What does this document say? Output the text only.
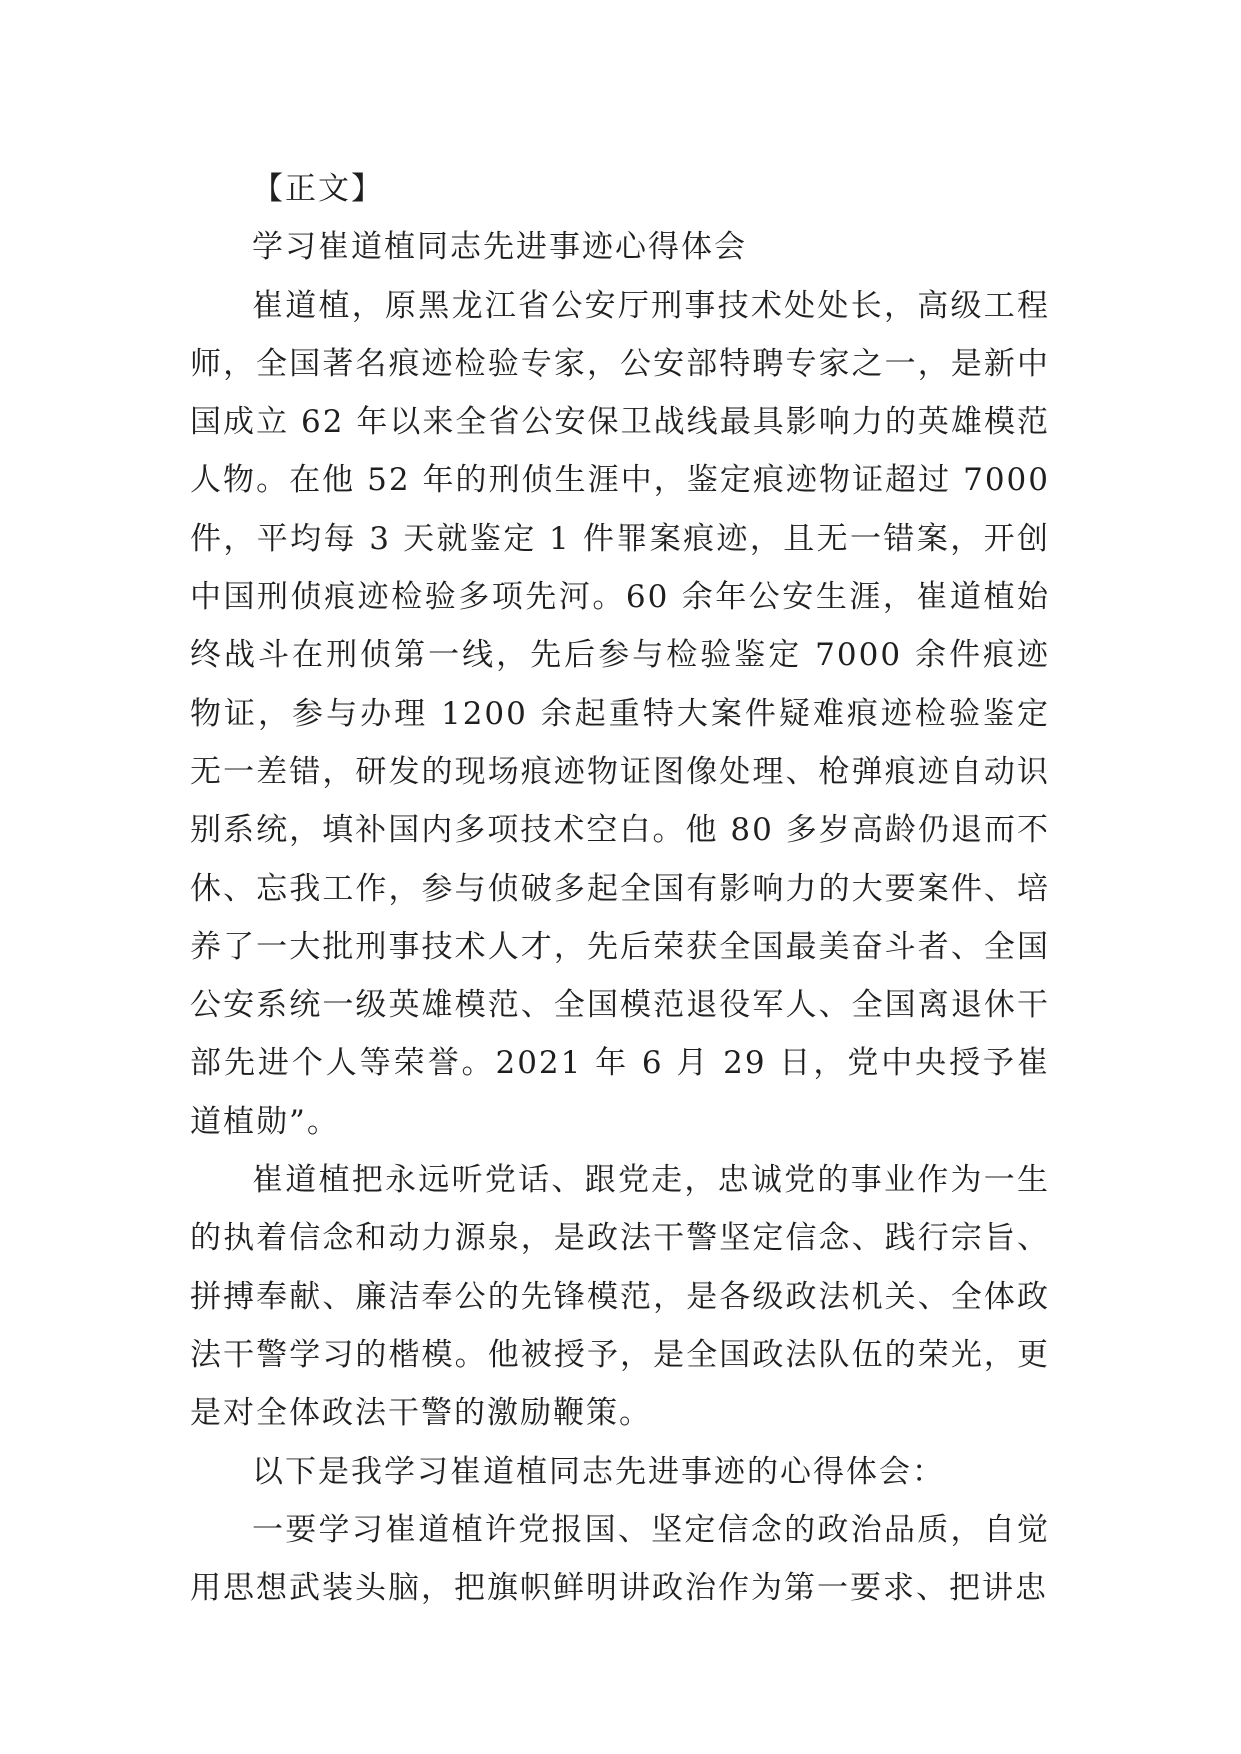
【正文】

学习崔道植同志先进事迹心得体会

崔道植，原黑龙江省公安厅刑事技术处处长，高级工程师，全国著名痕迹检验专家，公安部特聘专家之一，是新中国成立 62 年以来全省公安保卫战线最具影响力的英雄模范人物。在他 52 年的刑侦生涯中，鉴定痕迹物证超过 7000 件，平均每 3 天就鉴定 1 件罪案痕迹，且无一错案，开创中国刑侦痕迹检验多项先河。60 余年公安生涯，崔道植始终战斗在刑侦第一线，先后参与检验鉴定 7000 余件痕迹物证，参与办理 1200 余起重特大案件疑难痕迹检验鉴定无一差错，研发的现场痕迹物证图像处理、枪弹痕迹自动识别系统，填补国内多项技术空白。他 80 多岁高龄仍退而不休、忘我工作，参与侦破多起全国有影响力的大要案件、培养了一大批刑事技术人才，先后荣获全国最美奋斗者、全国公安系统一级英雄模范、全国模范退役军人、全国离退休干部先进个人等荣誉。2021 年 6 月 29 日，党中央授予崔道植勋”。

崔道植把永远听党话、跟党走，忠诚党的事业作为一生的执着信念和动力源泉，是政法干警坚定信念、践行宗旨、拼搏奉献、廉洁奉公的先锋模范，是各级政法机关、全体政法干警学习的楷模。他被授予，是全国政法队伍的荣光，更是对全体政法干警的激励鞭策。

以下是我学习崔道植同志先进事迹的心得体会：

一要学习崔道植许党报国、坚定信念的政治品质，自觉用思想武装头脑，把旗帜鲜明讲政治作为第一要求、把讲忠
